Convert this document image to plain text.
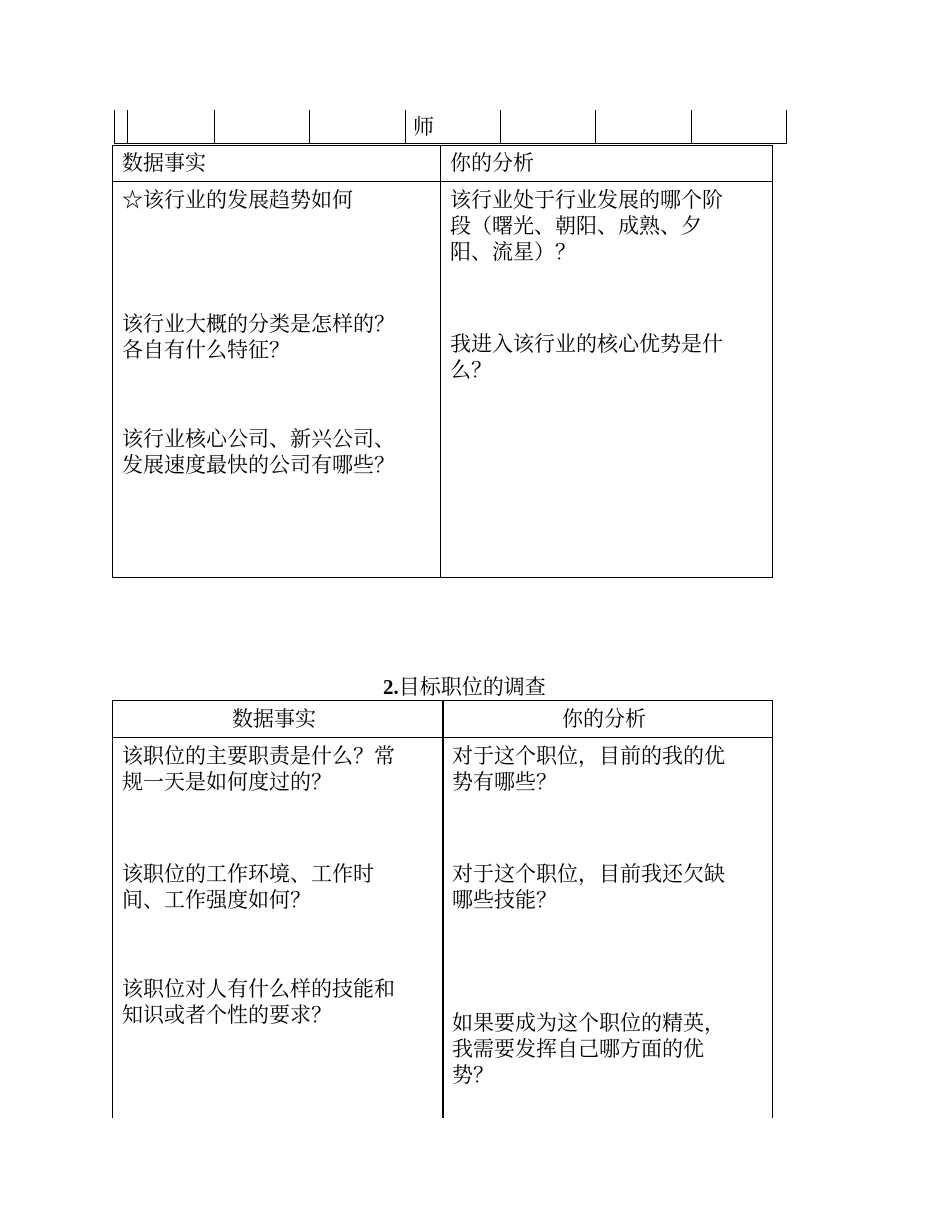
师
数据事实	你的分析
☆该行业的发展趋势如何
该行业大概的分类是怎样的？
各自有什么特征？
该行业核心公司、新兴公司、
发展速度最快的公司有哪些？
该行业处于行业发展的哪个阶
段（曙光、朝阳、成熟、夕
阳、流星）？
我进入该行业的核心优势是什
么？
2.目标职位的调查
数据事实	你的分析
该职位的主要职责是什么？常
规一天是如何度过的？
该职位的工作环境、工作时
间、工作强度如何？
该职位对人有什么样的技能和
知识或者个性的要求？
对于这个职位，目前的我的优
势有哪些？
对于这个职位，目前我还欠缺
哪些技能？
如果要成为这个职位的精英，
我需要发挥自己哪方面的优
势？
